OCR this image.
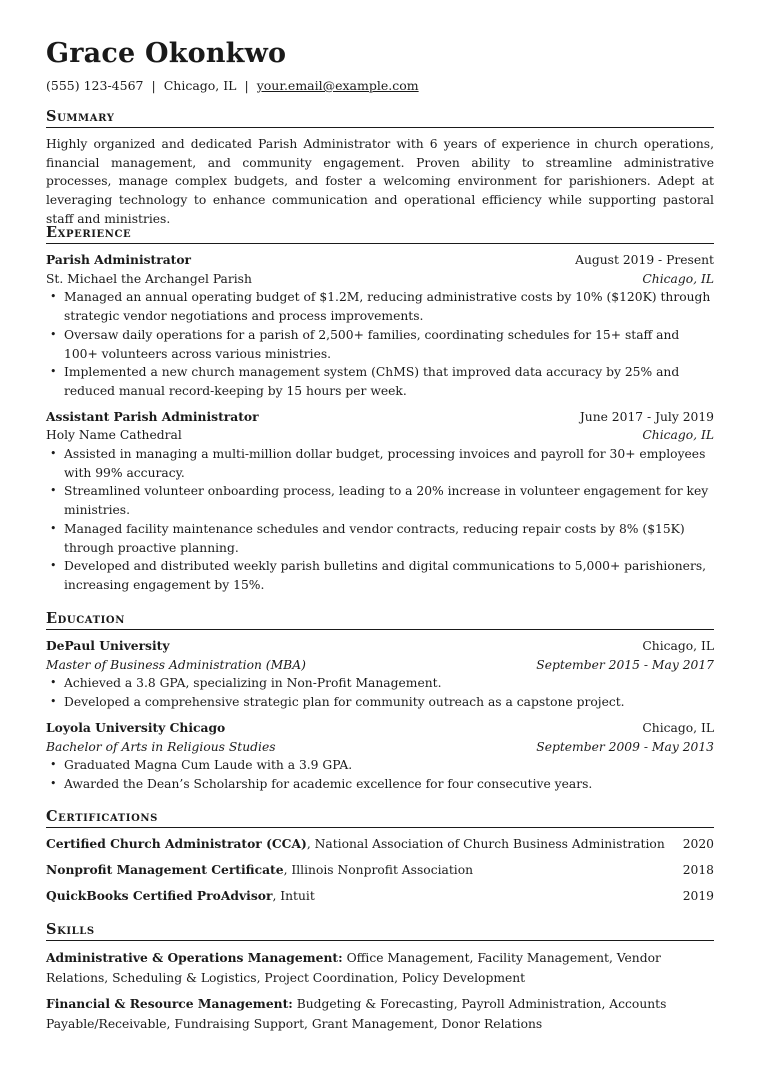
Grace Okonkwo
(555) 123-4567 | Chicago, IL | your.email@example.com
Summary
Highly organized and dedicated Parish Administrator with 6 years of experience in church operations, financial management, and community engagement. Proven ability to streamline administrative processes, manage complex budgets, and foster a welcoming environment for parishioners. Adept at leveraging technology to enhance communication and operational efficiency while supporting pastoral staff and ministries.
Experience
Parish Administrator	August 2019 - Present
St. Michael the Archangel Parish	Chicago, IL
• Managed an annual operating budget of $1.2M, reducing administrative costs by 10% ($120K) through strategic vendor negotiations and process improvements.
• Oversaw daily operations for a parish of 2,500+ families, coordinating schedules for 15+ staff and 100+ volunteers across various ministries.
• Implemented a new church management system (ChMS) that improved data accuracy by 25% and reduced manual record-keeping by 15 hours per week.
Assistant Parish Administrator	June 2017 - July 2019
Holy Name Cathedral	Chicago, IL
• Assisted in managing a multi-million dollar budget, processing invoices and payroll for 30+ employees with 99% accuracy.
• Streamlined volunteer onboarding process, leading to a 20% increase in volunteer engagement for key ministries.
• Managed facility maintenance schedules and vendor contracts, reducing repair costs by 8% ($15K) through proactive planning.
• Developed and distributed weekly parish bulletins and digital communications to 5,000+ parishioners, increasing engagement by 15%.
Education
DePaul University	Chicago, IL
Master of Business Administration (MBA)	September 2015 - May 2017
• Achieved a 3.8 GPA, specializing in Non-Profit Management.
• Developed a comprehensive strategic plan for community outreach as a capstone project.
Loyola University Chicago	Chicago, IL
Bachelor of Arts in Religious Studies	September 2009 - May 2013
• Graduated Magna Cum Laude with a 3.9 GPA.
• Awarded the Dean’s Scholarship for academic excellence for four consecutive years.
Certifications
Certified Church Administrator (CCA), National Association of Church Business Administration 2020
Nonprofit Management Certificate, Illinois Nonprofit Association	2018
QuickBooks Certified ProAdvisor, Intuit	2019
Skills
Administrative & Operations Management: Office Management, Facility Management, Vendor Relations, Scheduling & Logistics, Project Coordination, Policy Development
Financial & Resource Management: Budgeting & Forecasting, Payroll Administration, Accounts Payable/Receivable, Fundraising Support, Grant Management, Donor Relations
